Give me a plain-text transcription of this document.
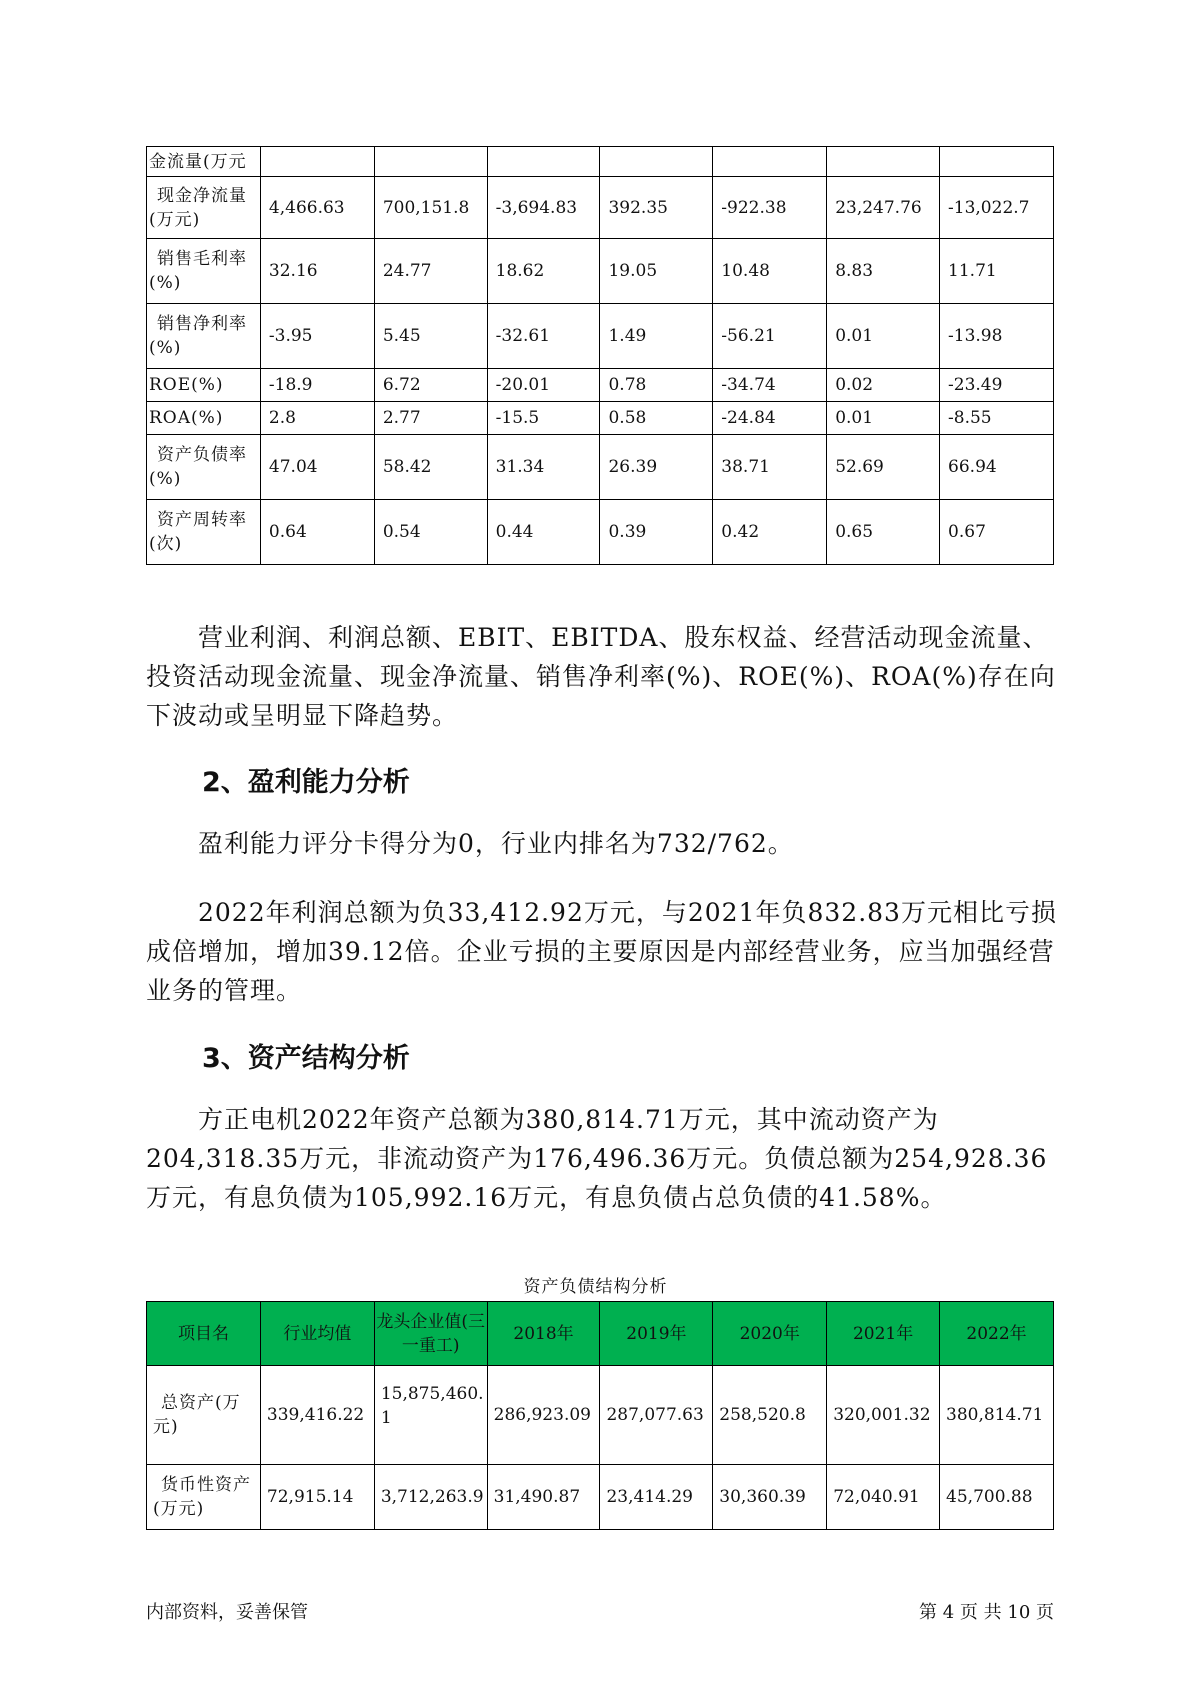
金流量(万元							

现金净流量
(万元)	4,466.63	700,151.8	-3,694.83	392.35	-922.38	23,247.76	-13,022.7

销售毛利率
(%)	32.16	24.77	18.62	19.05	10.48	8.83	11.71

销售净利率
(%)	-3.95	5.45	-32.61	1.49	-56.21	0.01	-13.98

ROE(%)	-18.9	6.72	-20.01	0.78	-34.74	0.02	-23.49

ROA(%)	2.8	2.77	-15.5	0.58	-24.84	0.01	-8.55

资产负债率
(%)	47.04	58.42	31.34	26.39	38.71	52.69	66.94

资产周转率
(次)	0.64	0.54	0.44	0.39	0.42	0.65	0.67

营业利润、利润总额、EBIT、EBITDA、股东权益、经营活动现金流量、投资活动现金流量、现金净流量、销售净利率(%)、ROE(%)、ROA(%)存在向下波动或呈明显下降趋势。

2、盈利能力分析

盈利能力评分卡得分为0，行业内排名为732/762。

2022年利润总额为负33,412.92万元，与2021年负832.83万元相比亏损成倍增加，增加39.12倍。企业亏损的主要原因是内部经营业务，应当加强经营业务的管理。

3、资产结构分析

方正电机2022年资产总额为380,814.71万元，其中流动资产为204,318.35万元，非流动资产为176,496.36万元。负债总额为254,928.36万元，有息负债为105,992.16万元，有息负债占总负债的41.58%。

资产负债结构分析
项目名	行业均值	龙头企业值(三一重工)	2018年	2019年	2020年	2021年	2022年

总资产(万
元)	339,416.22	15,875,460.1	286,923.09	287,077.63	258,520.8	320,001.32	380,814.71

货币性资产
(万元)	72,915.14	3,712,263.9	31,490.87	23,414.29	30,360.39	72,040.91	45,700.88
内部资料，妥善保管	第 4 页 共 10 页
